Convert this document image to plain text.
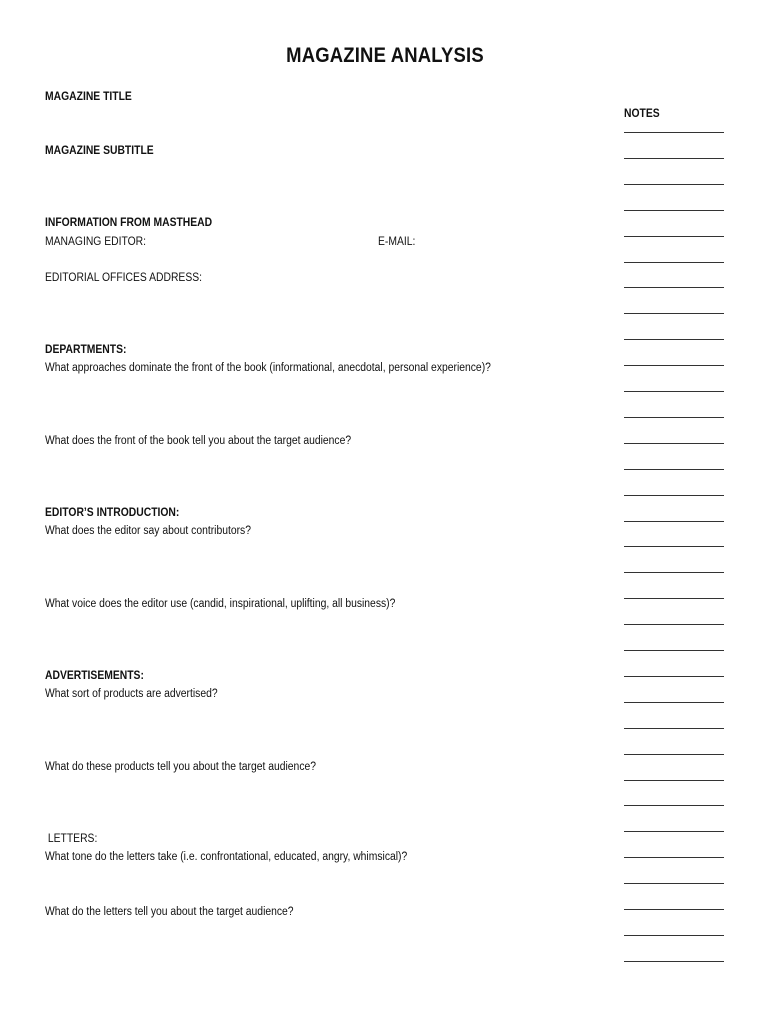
MAGAZINE ANALYSIS
MAGAZINE TITLE
MAGAZINE SUBTITLE
INFORMATION FROM MASTHEAD
MANAGING EDITOR:	E-MAIL:
EDITORIAL OFFICES ADDRESS:
DEPARTMENTS:
What approaches dominate the front of the book (informational, anecdotal, personal experience)?
What does the front of the book tell you about the target audience?
EDITOR’S INTRODUCTION:
What does the editor say about contributors?
What voice does the editor use (candid, inspirational, uplifting, all business)?
ADVERTISEMENTS:
What sort of products are advertised?
What do these products tell you about the target audience?
LETTERS:
What tone do the letters take (i.e. confrontational, educated, angry, whimsical)?
What do the letters tell you about the target audience?
NOTES
